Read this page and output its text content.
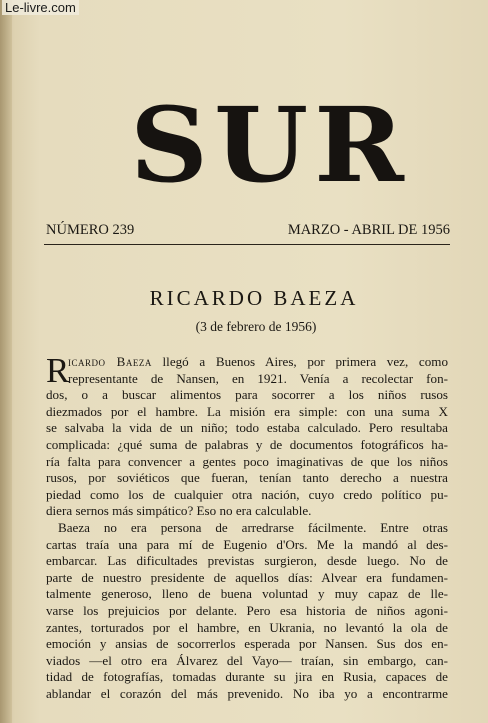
Le-livre.com
SUR
NÚMERO 239	MARZO - ABRIL DE 1956
RICARDO BAEZA
(3 de febrero de 1956)
R
icardo Baeza llegó a Buenos Aires, por primera vez, como
representante de Nansen, en 1921. Venía a recolectar fon-
dos, o a buscar alimentos para socorrer a los niños rusos
diezmados por el hambre. La misión era simple: con una suma X
se salvaba la vida de un niño; todo estaba calculado. Pero resultaba
complicada: ¿qué suma de palabras y de documentos fotográficos ha-
ría falta para convencer a gentes poco imaginativas de que los niños
rusos, por soviéticos que fueran, tenían tanto derecho a nuestra
piedad como los de cualquier otra nación, cuyo credo político pu-
diera sernos más simpático? Eso no era calculable.
Baeza no era persona de arredrarse fácilmente. Entre otras
cartas traía una para mí de Eugenio d'Ors. Me la mandó al des-
embarcar. Las dificultades previstas surgieron, desde luego. No de
parte de nuestro presidente de aquellos días: Alvear era fundamen-
talmente generoso, lleno de buena voluntad y muy capaz de lle-
varse los prejuicios por delante. Pero esa historia de niños agoni-
zantes, torturados por el hambre, en Ukrania, no levantó la ola de
emoción y ansias de socorrerlos esperada por Nansen. Sus dos en-
viados —el otro era Álvarez del Vayo— traían, sin embargo, can-
tidad de fotografías, tomadas durante su jira en Rusia, capaces de
ablandar el corazón del más prevenido. No iba yo a encontrarme
